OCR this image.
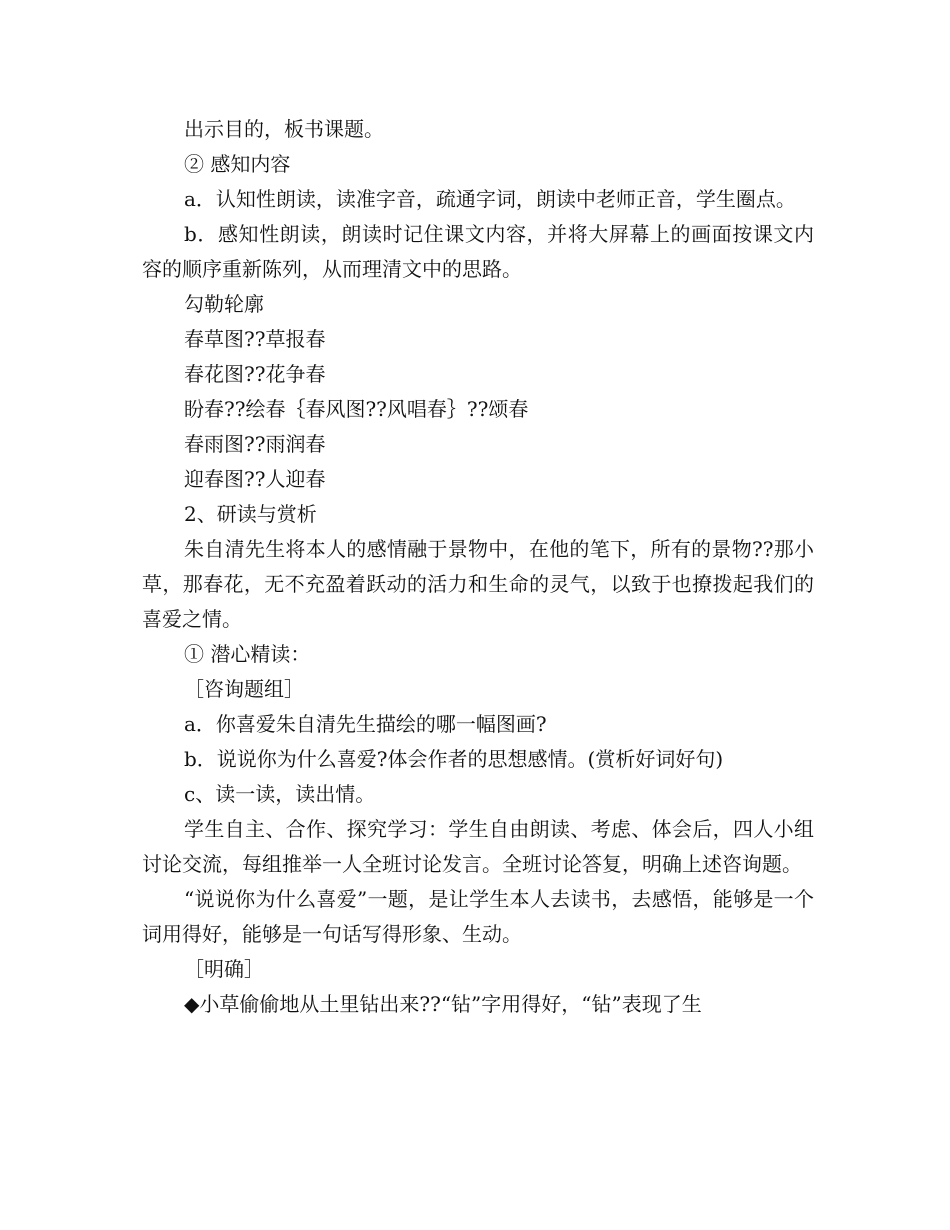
出示目的，板书课题。

② 感知内容

a．认知性朗读，读准字音，疏通字词，朗读中老师正音，学生圈点。

b．感知性朗读，朗读时记住课文内容，并将大屏幕上的画面按课文内容的顺序重新陈列，从而理清文中的思路。

勾勒轮廓

春草图??草报春

春花图??花争春

盼春??绘春｛春风图??风唱春｝??颂春

春雨图??雨润春

迎春图??人迎春

2、研读与赏析

朱自清先生将本人的感情融于景物中，在他的笔下，所有的景物??那小草，那春花，无不充盈着跃动的活力和生命的灵气，以致于也撩拨起我们的喜爱之情。

① 潜心精读：

［咨询题组］

a．你喜爱朱自清先生描绘的哪一幅图画?

b．说说你为什么喜爱?体会作者的思想感情。(赏析好词好句)

c、读一读，读出情。

学生自主、合作、探究学习：学生自由朗读、考虑、体会后，四人小组讨论交流，每组推举一人全班讨论发言。全班讨论答复，明确上述咨询题。

“说说你为什么喜爱”一题，是让学生本人去读书，去感悟，能够是一个词用得好，能够是一句话写得形象、生动。

［明确］

◆小草偷偷地从土里钻出来??“钻”字用得好，“钻”表现了生
